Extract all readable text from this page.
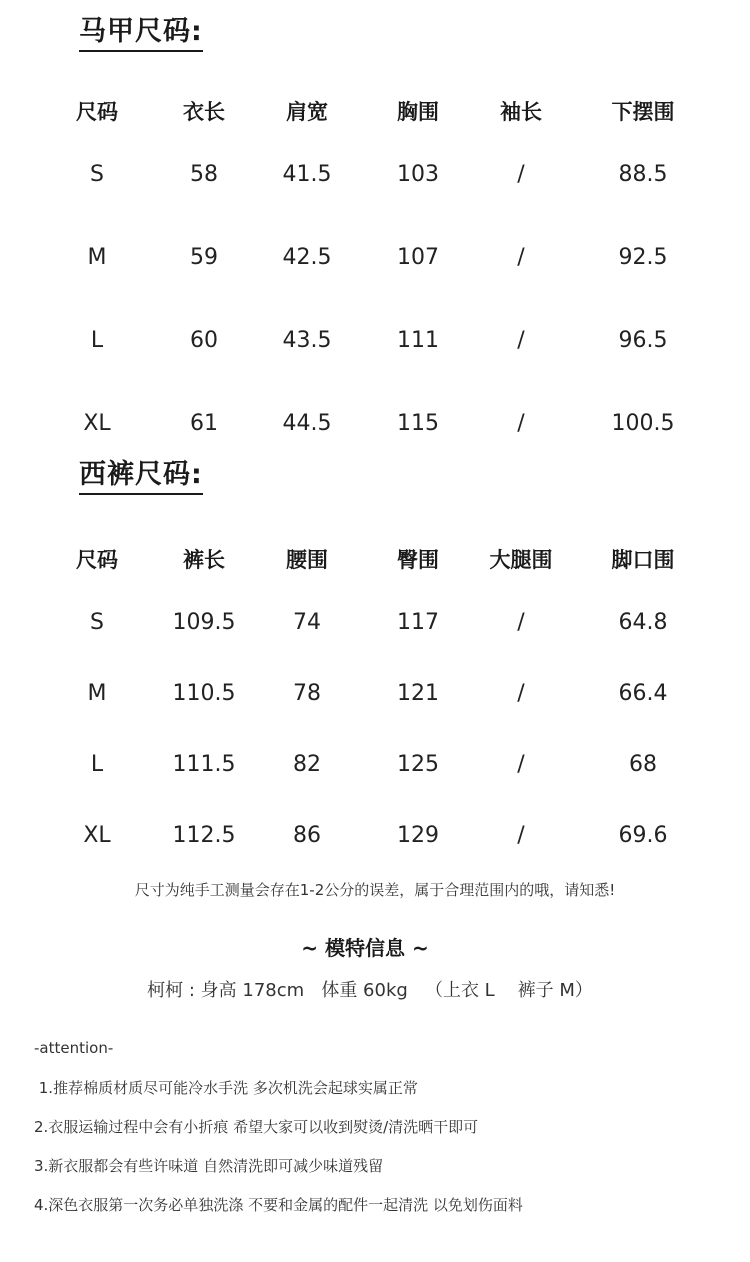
马甲尺码:
尺码	衣长	肩宽	胸围	袖长	下摆围
S	58	41.5	103	/	88.5
M	59	42.5	107	/	92.5
L	60	43.5	111	/	96.5
XL	61	44.5	115	/	100.5
西裤尺码:
尺码	裤长	腰围	臀围	大腿围	脚口围
S	109.5	74	117	/	64.8
M	110.5	78	121	/	66.4
L	111.5	82	125	/	68
XL	112.5	86	129	/	69.6
尺寸为纯手工测量会存在1-2公分的误差，属于合理范围内的哦，请知悉!
~ 模特信息 ~
柯柯 : 身高 178cm   体重 60kg   （上衣 L    裤子 M）
-attention-
1.推荐棉质材质尽可能冷水手洗 多次机洗会起球实属正常
2.衣服运输过程中会有小折痕 希望大家可以收到熨烫/清洗晒干即可
3.新衣服都会有些许味道 自然清洗即可减少味道残留
4.深色衣服第一次务必单独洗涤 不要和金属的配件一起清洗 以免划伤面料
